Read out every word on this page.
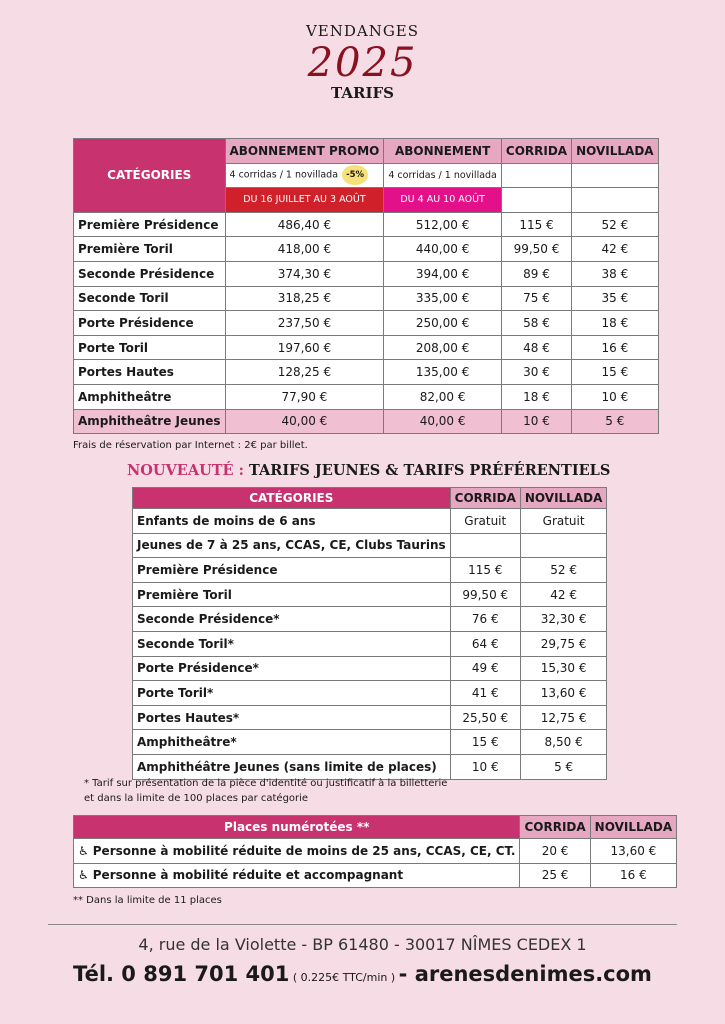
VENDANGES
2025
TARIFS
CATÉGORIES	ABONNEMENT PROMO	ABONNEMENT	CORRIDA	NOVILLADA
	4 corridas / 1 novillada -5%	4 corridas / 1 novillada		
	DU 16 JUILLET AU 3 AOÛT	DU 4 AU 10 AOÛT		
Première Présidence	486,40 €	512,00 €	115 €	52 €
Première Toril	418,00 €	440,00 €	99,50 €	42 €
Seconde Présidence	374,30 €	394,00 €	89 €	38 €
Seconde Toril	318,25 €	335,00 €	75 €	35 €
Porte Présidence	237,50 €	250,00 €	58 €	18 €
Porte Toril	197,60 €	208,00 €	48 €	16 €
Portes Hautes	128,25 €	135,00 €	30 €	15 €
Amphitheâtre	77,90 €	82,00 €	18 €	10 €
Amphitheâtre Jeunes	40,00 €	40,00 €	10 €	5 €
Frais de réservation par Internet : 2€ par billet.
NOUVEAUTÉ : TARIFS JEUNES & TARIFS PRÉFÉRENTIELS
CATÉGORIES	CORRIDA	NOVILLADA
Enfants de moins de 6 ans	Gratuit	Gratuit
Jeunes de 7 à 25 ans, CCAS, CE, Clubs Taurins		
Première Présidence	115 €	52 €
Première Toril	99,50 €	42 €
Seconde Présidence*	76 €	32,30 €
Seconde Toril*	64 €	29,75 €
Porte Présidence*	49 €	15,30 €
Porte Toril*	41 €	13,60 €
Portes Hautes*	25,50 €	12,75 €
Amphitheâtre*	15 €	8,50 €
Amphithéâtre Jeunes (sans limite de places)	10 €	5 €
* Tarif sur présentation de la pièce d'identité ou justificatif à la billetterie
et dans la limite de 100 places par catégorie
Places numérotées **	CORRIDA	NOVILLADA
♿ Personne à mobilité réduite de moins de 25 ans, CCAS, CE, CT.	20 €	13,60 €
♿ Personne à mobilité réduite et accompagnant	25 €	16 €
** Dans la limite de 11 places
4, rue de la Violette - BP 61480 - 30017 NÎMES CEDEX 1
Tél. 0 891 701 401 ( 0.225€ TTC/min ) - arenesdenimes.com
